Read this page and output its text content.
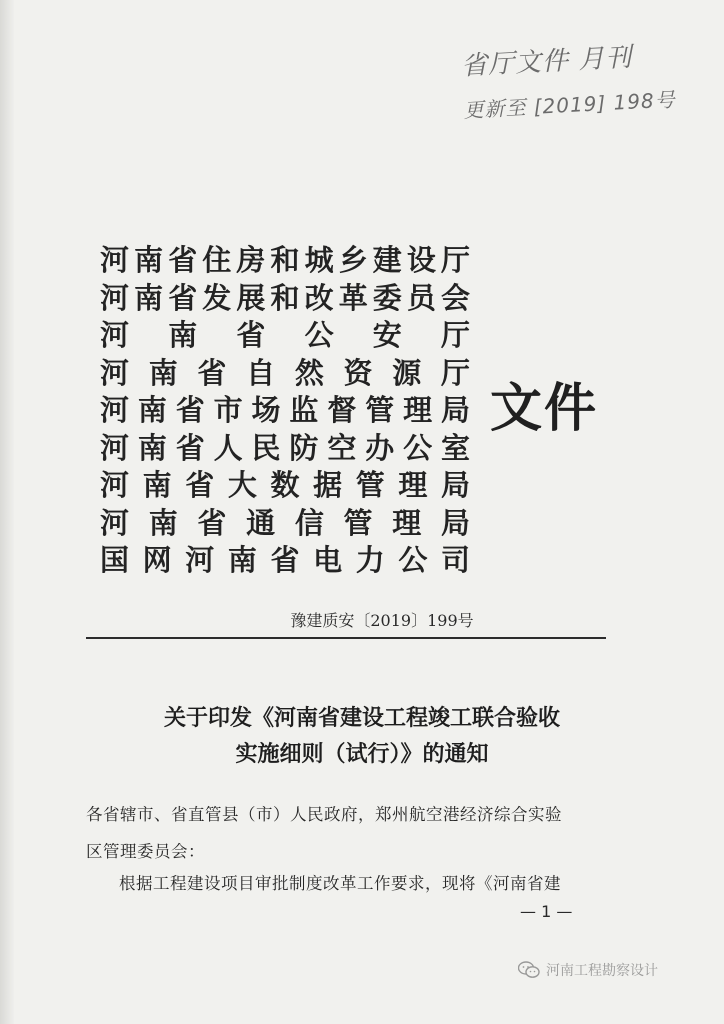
省厅文件 月刊
更新至 [2019] 198号
河南省住房和城乡建设厅
河南省发展和改革委员会
河南省公安厅
河南省自然资源厅
河南省市场监督管理局
河南省人民防空办公室
河南省大数据管理局
河南省通信管理局
国网河南省电力公司
文件
豫建质安〔2019〕199号
关于印发《河南省建设工程竣工联合验收
实施细则（试行）》的通知
各省辖市、省直管县（市）人民政府，郑州航空港经济综合实验
区管理委员会：
根据工程建设项目审批制度改革工作要求，现将《河南省建
— 1 —
河南工程勘察设计
